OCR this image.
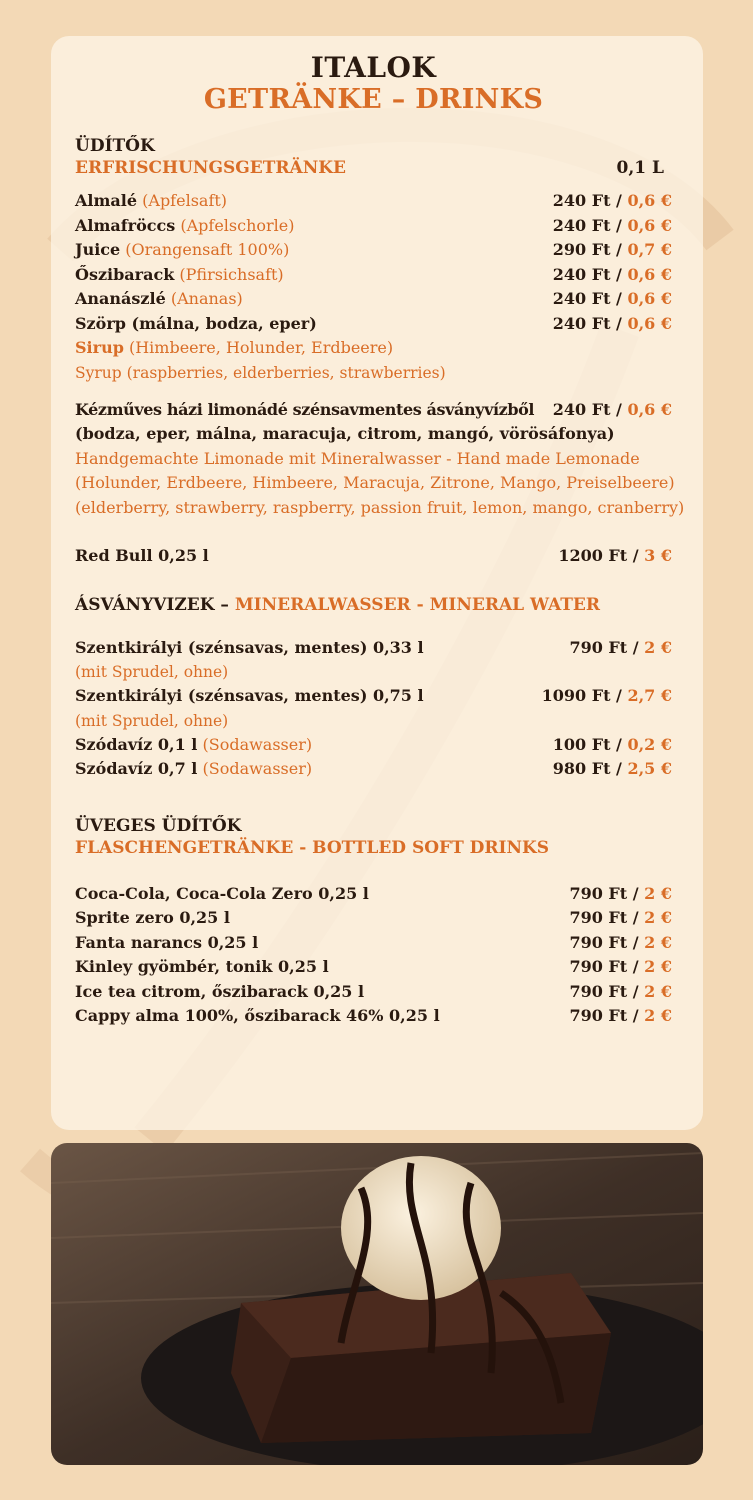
ITALOK
GETRÄNKE – DRINKS
ÜDÍTŐK
ERFRISCHUNGSGETRÄNKE	0,1 L
Almalé (Apfelsaft)	240 Ft / 0,6 €
Almafröccs (Apfelschorle)	240 Ft / 0,6 €
Juice (Orangensaft 100%)	290 Ft / 0,7 €
Őszibarack (Pfirsichsaft)	240 Ft / 0,6 €
Ananászlé (Ananas)	240 Ft / 0,6 €
Szörp (málna, bodza, eper)	240 Ft / 0,6 €
Sirup (Himbeere, Holunder, Erdbeere)
Syrup (raspberries, elderberries, strawberries)
Kézműves házi limonádé szénsavmentes ásványvízből 240 Ft / 0,6 €
(bodza, eper, málna, maracuja, citrom, mangó, vörösáfonya)
Handgemachte Limonade mit Mineralwasser - Hand made Lemonade
(Holunder, Erdbeere, Himbeere, Maracuja, Zitrone, Mango, Preiselbeere)
(elderberry, strawberry, raspberry, passion fruit, lemon, mango, cranberry)
Red Bull 0,25 l	1200 Ft / 3 €
ÁSVÁNYVIZEK – MINERALWASSER - MINERAL WATER
Szentkirályi (szénsavas, mentes) 0,33 l	790 Ft / 2 €
(mit Sprudel, ohne)
Szentkirályi (szénsavas, mentes) 0,75 l	1090 Ft / 2,7 €
(mit Sprudel, ohne)
Szódavíz 0,1 l (Sodawasser)	100 Ft / 0,2 €
Szódavíz 0,7 l (Sodawasser)	980 Ft / 2,5 €
ÜVEGES ÜDÍTŐK
FLASCHENGETRÄNKE - BOTTLED SOFT DRINKS
Coca-Cola, Coca-Cola Zero 0,25 l	790 Ft / 2 €
Sprite zero 0,25 l	790 Ft / 2 €
Fanta narancs 0,25 l	790 Ft / 2 €
Kinley gyömbér, tonik 0,25 l	790 Ft / 2 €
Ice tea citrom, őszibarack 0,25 l	790 Ft / 2 €
Cappy alma 100%, őszibarack 46% 0,25 l	790 Ft / 2 €
